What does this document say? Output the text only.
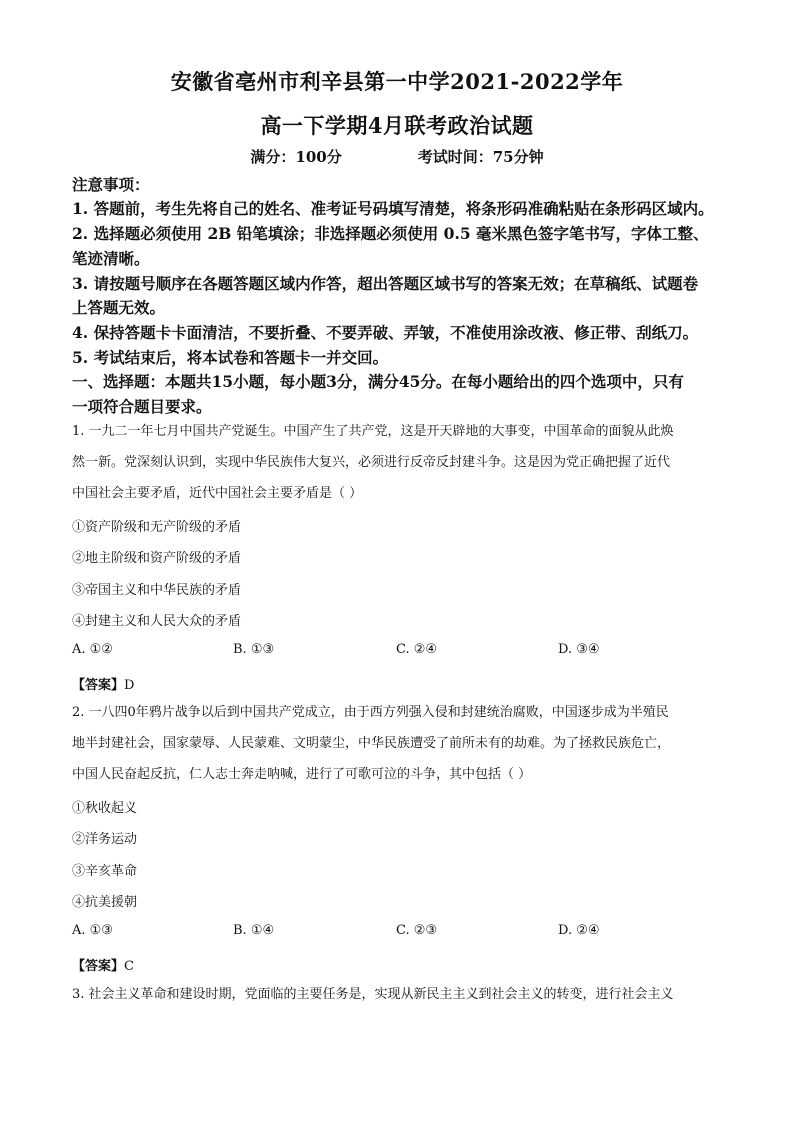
安徽省亳州市利辛县第一中学2021-2022学年
高一下学期4月联考政治试题
满分：100分	考试时间：75分钟
注意事项：
1. 答题前，考生先将自己的姓名、准考证号码填写清楚，将条形码准确粘贴在条形码区域内。
2. 选择题必须使用 2B 铅笔填涂；非选择题必须使用 0.5 毫米黑色签字笔书写，字体工整、
笔迹清晰。
3. 请按题号顺序在各题答题区域内作答，超出答题区域书写的答案无效；在草稿纸、试题卷
上答题无效。
4. 保持答题卡卡面清洁，不要折叠、不要弄破、弄皱，不准使用涂改液、修正带、刮纸刀。
5. 考试结束后，将本试卷和答题卡一并交回。
一、选择题：本题共15小题，每小题3分，满分45分。在每小题给出的四个选项中，只有
一项符合题目要求。
1. 一九二一年七月中国共产党诞生。中国产生了共产党，这是开天辟地的大事变，中国革命的面貌从此焕
然一新。党深刻认识到，实现中华民族伟大复兴，必须进行反帝反封建斗争。这是因为党正确把握了近代
中国社会主要矛盾，近代中国社会主要矛盾是（ ）
①资产阶级和无产阶级的矛盾
②地主阶级和资产阶级的矛盾
③帝国主义和中华民族的矛盾
④封建主义和人民大众的矛盾
A. ①②	B. ①③	C. ②④	D. ③④
【答案】D
2. 一八四0年鸦片战争以后到中国共产党成立，由于西方列强入侵和封建统治腐败，中国逐步成为半殖民
地半封建社会，国家蒙辱、人民蒙难、文明蒙尘，中华民族遭受了前所未有的劫难。为了拯救民族危亡，
中国人民奋起反抗，仁人志士奔走呐喊，进行了可歌可泣的斗争，其中包括（ ）
①秋收起义
②洋务运动
③辛亥革命
④抗美援朝
A. ①③	B. ①④	C. ②③	D. ②④
【答案】C
3. 社会主义革命和建设时期，党面临的主要任务是，实现从新民主主义到社会主义的转变，进行社会主义
